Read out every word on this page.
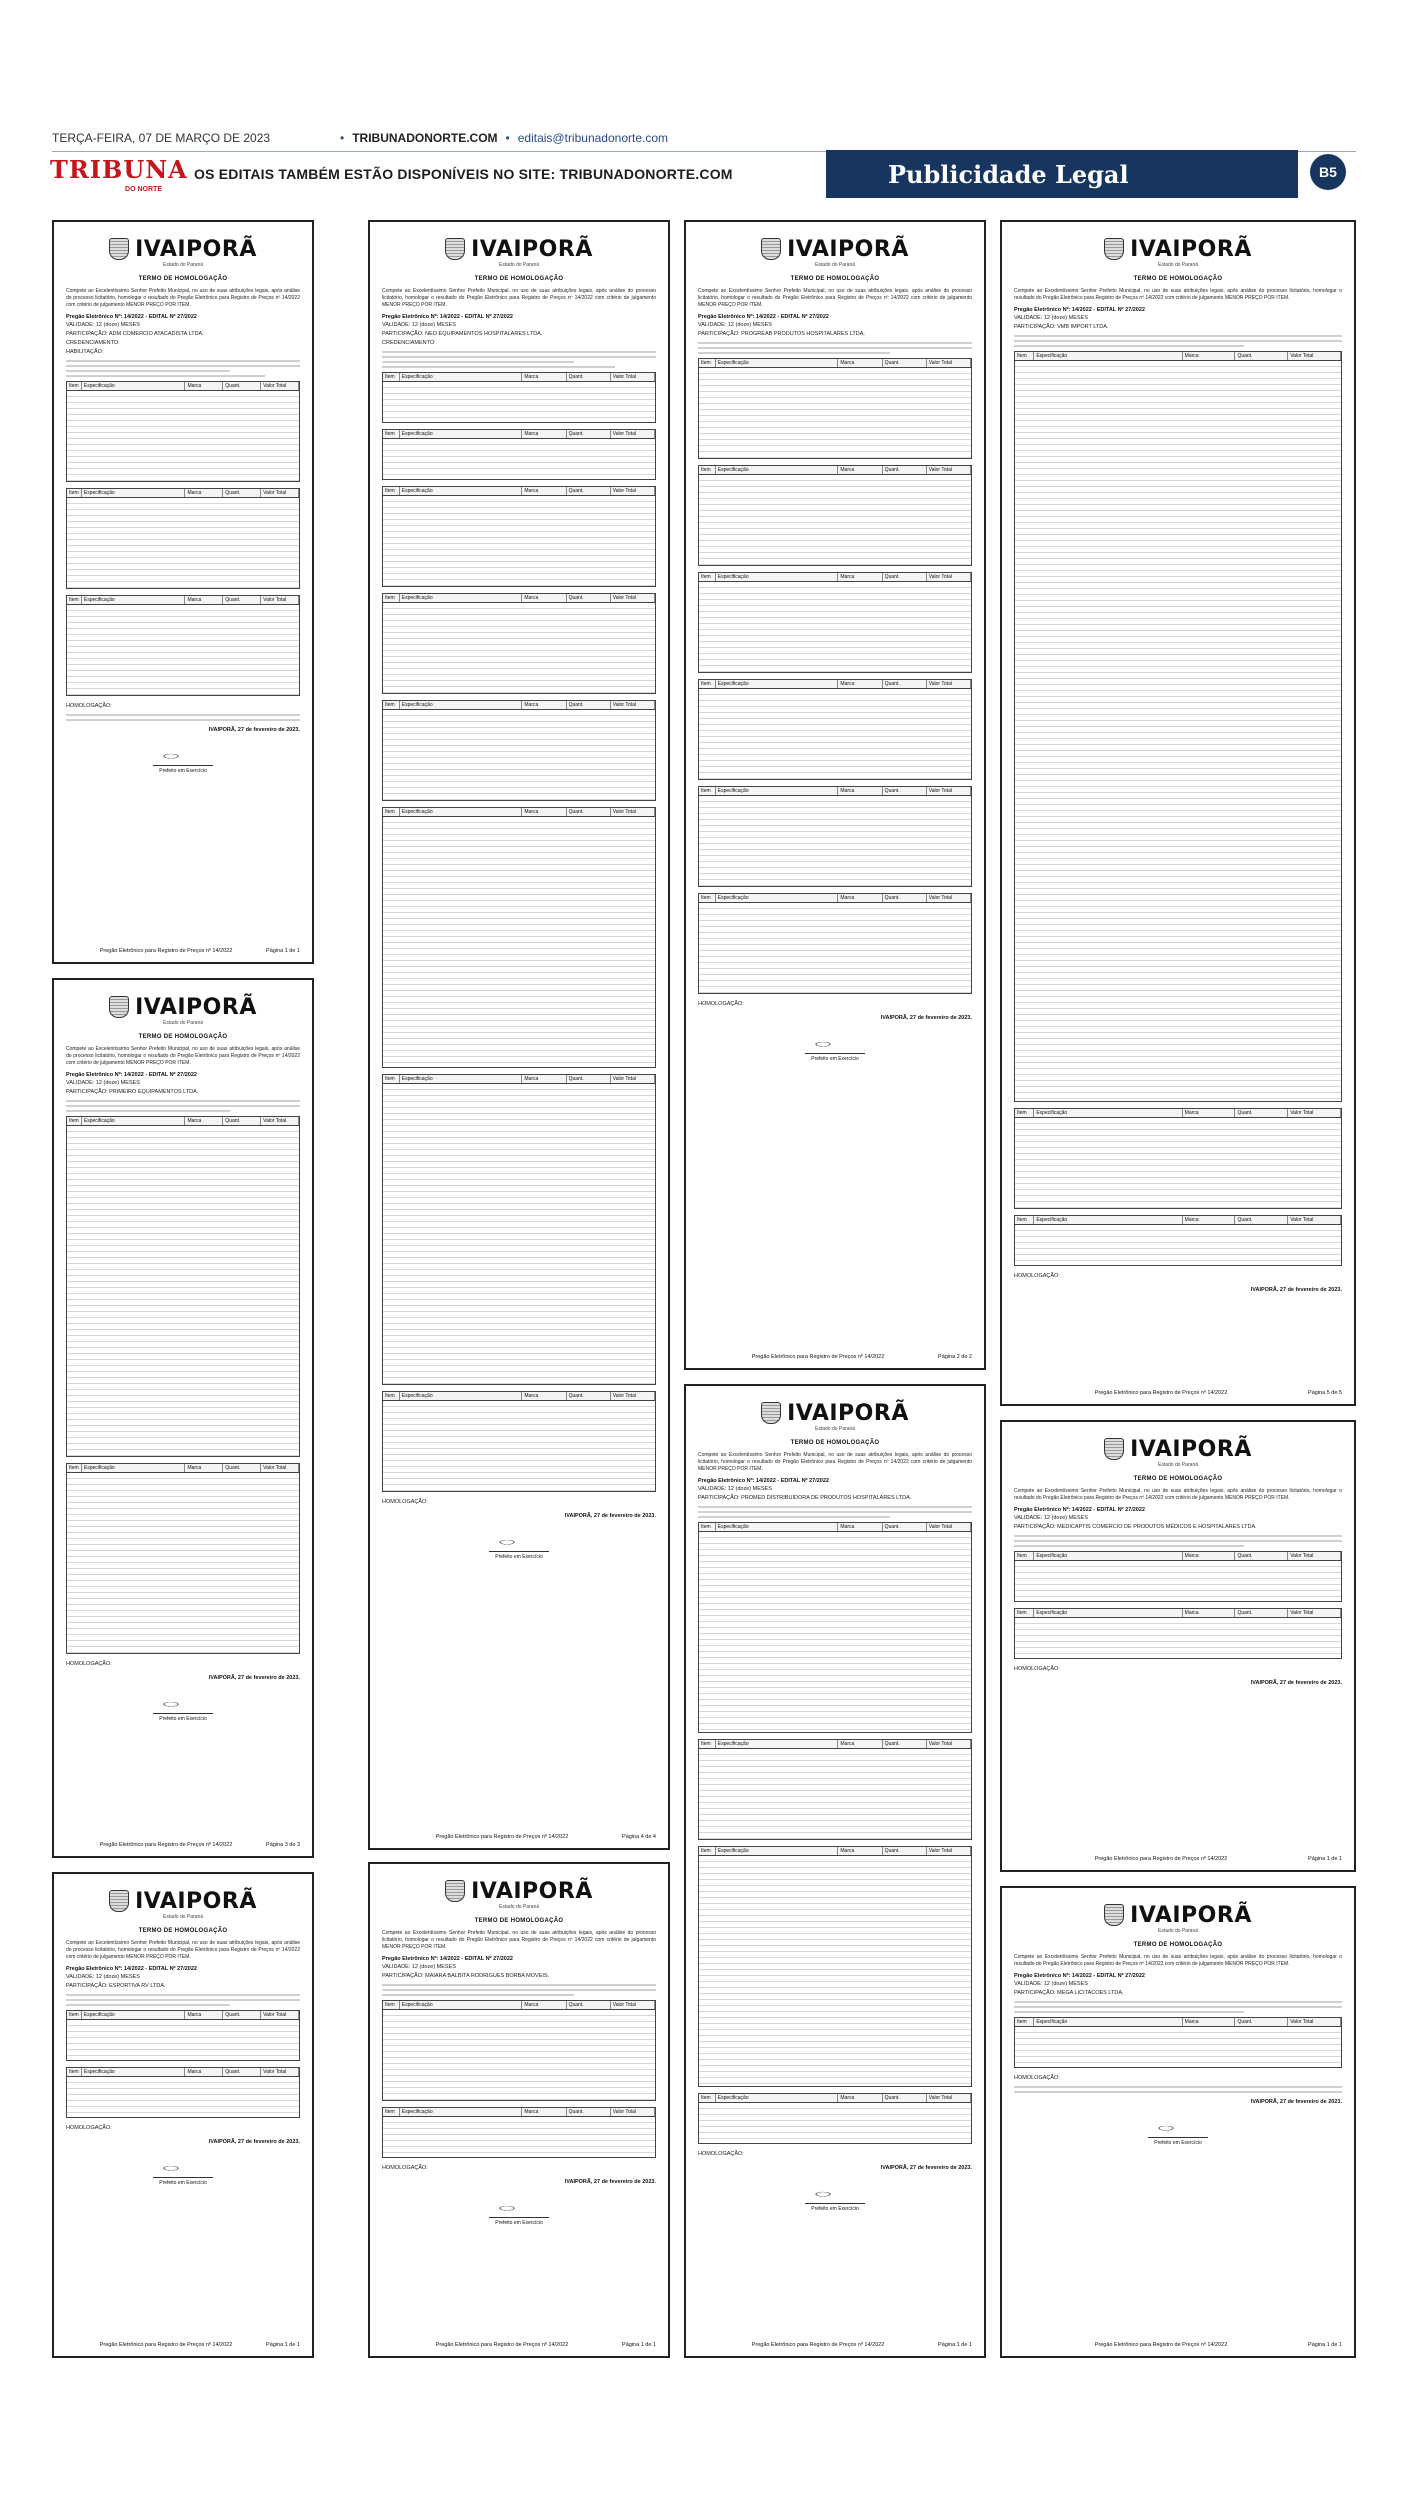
TERÇA-FEIRA, 07 DE MARÇO DE 2023	• TRIBUNADONORTE.COM • editais@tribunadonorte.com
TRIBUNA
DO NORTE
OS EDITAIS TAMBÉM ESTÃO DISPONÍVEIS NO SITE: TRIBUNADONORTE.COM	Publicidade Legal	B5
IVAIPORÃ
Estado do Paraná
TERMO DE HOMOLOGAÇÃO
Compete ao Excelentíssimo Senhor Prefeito Municipal, no uso de suas atribuições legais, após análise do processo licitatório, homologar o resultado do Pregão Eletrônico para Registro de Preços nº 14/2022 com critério de julgamento MENOR PREÇO POR ITEM.
Pregão Eletrônico Nº: 14/2022 - EDITAL Nº 27/2022
VALIDADE: 12 (doze) MESES
PARTICIPAÇÃO: ADM COMERCIO ATACADISTA LTDA.
CREDENCIAMENTO:
HABILITAÇÃO:
Item	Especificação	Marca	Quant.	Valor Total
Item	Especificação	Marca	Quant.	Valor Total
Item	Especificação	Marca	Quant.	Valor Total
HOMOLOGAÇÃO:
IVAIPORÃ, 27 de fevereiro de 2023.
Prefeito em Exercício
Pregão Eletrônico para Registro de Preços nº 14/2022	Página 1 de 1
IVAIPORÃ
Estado do Paraná
TERMO DE HOMOLOGAÇÃO
Compete ao Excelentíssimo Senhor Prefeito Municipal, no uso de suas atribuições legais, após análise do processo licitatório, homologar o resultado do Pregão Eletrônico para Registro de Preços nº 14/2022 com critério de julgamento MENOR PREÇO POR ITEM.
Pregão Eletrônico Nº: 14/2022 - EDITAL Nº 27/2022
VALIDADE: 12 (doze) MESES
PARTICIPAÇÃO: PRIMEIRO EQUIPAMENTOS LTDA.
Item	Especificação	Marca	Quant.	Valor Total
Item	Especificação	Marca	Quant.	Valor Total
HOMOLOGAÇÃO:
IVAIPORÃ, 27 de fevereiro de 2023.
Prefeito em Exercício
Pregão Eletrônico para Registro de Preços nº 14/2022	Página 3 de 3
IVAIPORÃ
Estado do Paraná
TERMO DE HOMOLOGAÇÃO
Compete ao Excelentíssimo Senhor Prefeito Municipal, no uso de suas atribuições legais, após análise do processo licitatório, homologar o resultado do Pregão Eletrônico para Registro de Preços nº 14/2022 com critério de julgamento MENOR PREÇO POR ITEM.
Pregão Eletrônico Nº: 14/2022 - EDITAL Nº 27/2022
VALIDADE: 12 (doze) MESES
PARTICIPAÇÃO: ESPORTIVA RV LTDA.
Item	Especificação	Marca	Quant.	Valor Total
Item	Especificação	Marca	Quant.	Valor Total
HOMOLOGAÇÃO:
IVAIPORÃ, 27 de fevereiro de 2023.
Prefeito em Exercício
Pregão Eletrônico para Registro de Preços nº 14/2022	Página 1 de 1
IVAIPORÃ
Estado do Paraná
TERMO DE HOMOLOGAÇÃO
Compete ao Excelentíssimo Senhor Prefeito Municipal, no uso de suas atribuições legais, após análise do processo licitatório, homologar o resultado do Pregão Eletrônico para Registro de Preços nº 14/2022 com critério de julgamento MENOR PREÇO POR ITEM.
Pregão Eletrônico Nº: 14/2022 - EDITAL Nº 27/2022
VALIDADE: 12 (doze) MESES
PARTICIPAÇÃO: NEO EQUIPAMENTOS HOSPITALARES LTDA.
CREDENCIAMENTO:
Item	Especificação	Marca	Quant.	Valor Total
Item	Especificação	Marca	Quant.	Valor Total
Item	Especificação	Marca	Quant.	Valor Total
Item	Especificação	Marca	Quant.	Valor Total
Item	Especificação	Marca	Quant.	Valor Total
Item	Especificação	Marca	Quant.	Valor Total
Item	Especificação	Marca	Quant.	Valor Total
Item	Especificação	Marca	Quant.	Valor Total
HOMOLOGAÇÃO:
IVAIPORÃ, 27 de fevereiro de 2023.
Prefeito em Exercício
Pregão Eletrônico para Registro de Preços nº 14/2022	Página 4 de 4
IVAIPORÃ
Estado do Paraná
TERMO DE HOMOLOGAÇÃO
Compete ao Excelentíssimo Senhor Prefeito Municipal, no uso de suas atribuições legais, após análise do processo licitatório, homologar o resultado do Pregão Eletrônico para Registro de Preços nº 14/2022 com critério de julgamento MENOR PREÇO POR ITEM.
Pregão Eletrônico Nº: 14/2022 - EDITAL Nº 27/2022
VALIDADE: 12 (doze) MESES
PARTICIPAÇÃO: MAIARA BALBITA RODRIGUES BORBA MOVEIS.
Item	Especificação	Marca	Quant.	Valor Total
Item	Especificação	Marca	Quant.	Valor Total
HOMOLOGAÇÃO:
IVAIPORÃ, 27 de fevereiro de 2023.
Prefeito em Exercício
Pregão Eletrônico para Registro de Preços nº 14/2022	Página 1 de 1
IVAIPORÃ
Estado do Paraná
TERMO DE HOMOLOGAÇÃO
Compete ao Excelentíssimo Senhor Prefeito Municipal, no uso de suas atribuições legais, após análise do processo licitatório, homologar o resultado do Pregão Eletrônico para Registro de Preços nº 14/2022 com critério de julgamento MENOR PREÇO POR ITEM.
Pregão Eletrônico Nº: 14/2022 - EDITAL Nº 27/2022
VALIDADE: 12 (doze) MESES
PARTICIPAÇÃO: PROGREAB PRODUTOS HOSPITALARES LTDA.
Item	Especificação	Marca	Quant.	Valor Total
Item	Especificação	Marca	Quant.	Valor Total
Item	Especificação	Marca	Quant.	Valor Total
Item	Especificação	Marca	Quant.	Valor Total
Item	Especificação	Marca	Quant.	Valor Total
Item	Especificação	Marca	Quant.	Valor Total
HOMOLOGAÇÃO:
IVAIPORÃ, 27 de fevereiro de 2023.
Prefeito em Exercício
Pregão Eletrônico para Registro de Preços nº 14/2022	Página 2 de 2
IVAIPORÃ
Estado do Paraná
TERMO DE HOMOLOGAÇÃO
Compete ao Excelentíssimo Senhor Prefeito Municipal, no uso de suas atribuições legais, após análise do processo licitatório, homologar o resultado do Pregão Eletrônico para Registro de Preços nº 14/2022 com critério de julgamento MENOR PREÇO POR ITEM.
Pregão Eletrônico Nº: 14/2022 - EDITAL Nº 27/2022
VALIDADE: 12 (doze) MESES
PARTICIPAÇÃO: PROMED DISTRIBUIDORA DE PRODUTOS HOSPITALARES LTDA.
Item	Especificação	Marca	Quant.	Valor Total
Item	Especificação	Marca	Quant.	Valor Total
Item	Especificação	Marca	Quant.	Valor Total
Item	Especificação	Marca	Quant.	Valor Total
HOMOLOGAÇÃO:
IVAIPORÃ, 27 de fevereiro de 2023.
Prefeito em Exercício
Pregão Eletrônico para Registro de Preços nº 14/2022	Página 1 de 1
IVAIPORÃ
Estado do Paraná
TERMO DE HOMOLOGAÇÃO
Compete ao Excelentíssimo Senhor Prefeito Municipal, no uso de suas atribuições legais, após análise do processo licitatório, homologar o resultado do Pregão Eletrônico para Registro de Preços nº 14/2022 com critério de julgamento MENOR PREÇO POR ITEM.
Pregão Eletrônico Nº: 14/2022 - EDITAL Nº 27/2022
VALIDADE: 12 (doze) MESES
PARTICIPAÇÃO: VMB IMPORT LTDA.
Item	Especificação	Marca	Quant.	Valor Total
Item	Especificação	Marca	Quant.	Valor Total
Item	Especificação	Marca	Quant.	Valor Total
HOMOLOGAÇÃO:
IVAIPORÃ, 27 de fevereiro de 2023.
Pregão Eletrônico para Registro de Preços nº 14/2022	Página 5 de 5
IVAIPORÃ
Estado do Paraná
TERMO DE HOMOLOGAÇÃO
Compete ao Excelentíssimo Senhor Prefeito Municipal, no uso de suas atribuições legais, após análise do processo licitatório, homologar o resultado do Pregão Eletrônico para Registro de Preços nº 14/2022 com critério de julgamento MENOR PREÇO POR ITEM.
Pregão Eletrônico Nº: 14/2022 - EDITAL Nº 27/2022
VALIDADE: 12 (doze) MESES
PARTICIPAÇÃO: MEDICAPTIS COMÉRCIO DE PRODUTOS MÉDICOS E HOSPITALARES LTDA.
Item	Especificação	Marca	Quant.	Valor Total
Item	Especificação	Marca	Quant.	Valor Total
HOMOLOGAÇÃO:
IVAIPORÃ, 27 de fevereiro de 2023.
Pregão Eletrônico para Registro de Preços nº 14/2022	Página 1 de 1
IVAIPORÃ
Estado do Paraná
TERMO DE HOMOLOGAÇÃO
Compete ao Excelentíssimo Senhor Prefeito Municipal, no uso de suas atribuições legais, após análise do processo licitatório, homologar o resultado do Pregão Eletrônico para Registro de Preços nº 14/2022 com critério de julgamento MENOR PREÇO POR ITEM.
Pregão Eletrônico Nº: 14/2022 - EDITAL Nº 27/2022
VALIDADE: 12 (doze) MESES
PARTICIPAÇÃO: MEGA LICITACOES LTDA.
Item	Especificação	Marca	Quant.	Valor Total
HOMOLOGAÇÃO:
IVAIPORÃ, 27 de fevereiro de 2023.
Prefeito em Exercício
Pregão Eletrônico para Registro de Preços nº 14/2022	Página 1 de 1
